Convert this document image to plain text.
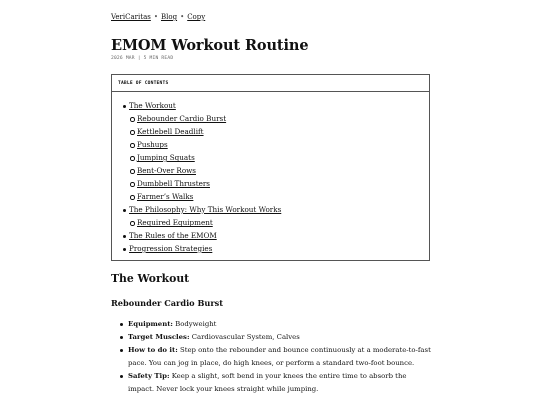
VeriCaritas • Blog • Copy
EMOM Workout Routine
2026 MAR | 5 MIN READ
TABLE OF CONTENTS
The Workout
Rebounder Cardio Burst
Kettlebell Deadlift
Pushups
Jumping Squats
Bent-Over Rows
Dumbbell Thrusters
Farmer’s Walks
The Philosophy: Why This Workout Works
Required Equipment
The Rules of the EMOM
Progression Strategies
The Workout
Rebounder Cardio Burst
Equipment: Bodyweight
Target Muscles: Cardiovascular System, Calves
How to do it: Step onto the rebounder and bounce continuously at a moderate-to-fast pace. You can jog in place, do high knees, or perform a standard two-foot bounce.
Safety Tip: Keep a slight, soft bend in your knees the entire time to absorb the impact. Never lock your knees straight while jumping.
